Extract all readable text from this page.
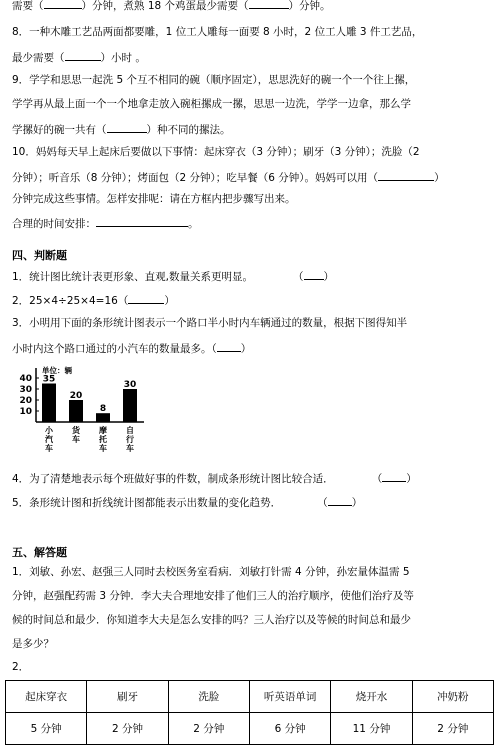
需要（	）分钟，煮熟 18 个鸡蛋最少需要（	）分钟。
8．一种木雕工艺品两面都要雕，1 位工人雕每一面要 8 小时，2 位工人雕 3 件工艺品，
最少需要（	）小时 。
9．学学和思思一起洗 5 个互不相同的碗（顺序固定），思思洗好的碗一个一个往上摞，
学学再从最上面一个一个地拿走放入碗柜摞成一摞，思思一边洗，学学一边拿，那么学
学摞好的碗一共有（	）种不同的摞法。
10．妈妈每天早上起床后要做以下事情：起床穿衣（3 分钟）；刷牙（3 分钟）；洗脸（2
分钟）；听音乐（8 分钟）；烤面包（2 分钟）；吃早餐（6 分钟）。妈妈可以用（	）
分钟完成这些事情。怎样安排呢：请在方框内把步骤写出来。
合理的时间安排：	。
四、判断题
1．统计图比统计表更形象、直观,数量关系更明显。	（ ）
2．25×4÷25×4=16（	）
3．小明用下面的条形统计图表示一个路口半小时内车辆通过的数量，根据下图得知半
小时内这个路口通过的小汽车的数量最多。（ ）
单位：辆
10
20
30
40 35
小
汽
车
20
货
车
8
摩
托
车
30
自
行
车
4．为了清楚地表示每个班做好事的件数，制成条形统计图比较合适．	（ ）
5．条形统计图和折线统计图都能表示出数量的变化趋势．	（ ）
五、解答题
1．刘敏、孙宏、赵强三人同时去校医务室看病．刘敏打针需 4 分钟，孙宏量体温需 5
分钟，赵强配药需 3 分钟．李大夫合理地安排了他们三人的治疗顺序，使他们治疗及等
候的时间总和最少．你知道李大夫是怎么安排的吗？三人治疗以及等候的时间总和最少
是多少？
2．
起床穿衣	刷牙	洗脸	听英语单词	烧开水	冲奶粉
5 分钟	2 分钟	2 分钟	6 分钟	11 分钟	2 分钟
